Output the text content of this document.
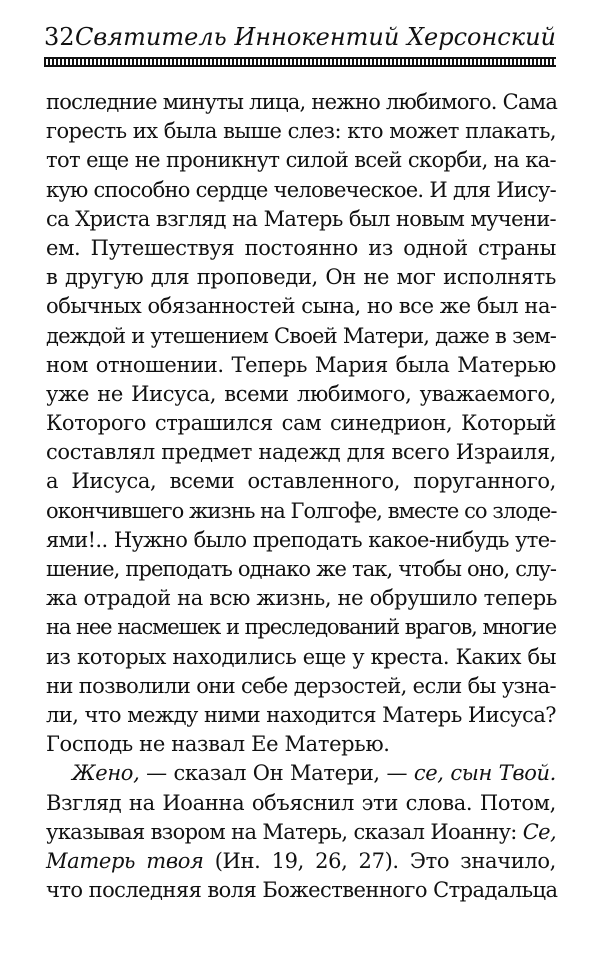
32 Святитель Иннокентий Херсонский
последние минуты лица, нежно любимого. Сама
горесть их была выше слез: кто может плакать,
тот еще не проникнут силой всей скорби, на ка-
кую способно сердце человеческое. И для Иису-
са Христа взгляд на Матерь был новым мучени-
ем. Путешествуя постоянно из одной страны
в другую для проповеди, Он не мог исполнять
обычных обязанностей сына, но все же был на-
деждой и утешением Своей Матери, даже в зем-
ном отношении. Теперь Мария была Матерью
уже не Иисуса, всеми любимого, уважаемого,
Которого страшился сам синедрион, Который
составлял предмет надежд для всего Израиля,
а Иисуса, всеми оставленного, поруганного,
окончившего жизнь на Голгофе, вместе со злоде-
ями!.. Нужно было преподать какое-нибудь уте-
шение, преподать однако же так, чтобы оно, слу-
жа отрадой на всю жизнь, не обрушило теперь
на нее насмешек и преследований врагов, многие
из которых находились еще у креста. Каких бы
ни позволили они себе дерзостей, если бы узна-
ли, что между ними находится Матерь Иисуса?
Господь не назвал Ее Матерью.
Жено, — сказал Он Матери, — се, сын Твой.
Взгляд на Иоанна объяснил эти слова. Потом,
указывая взором на Матерь, сказал Иоанну: Се,
Матерь твоя (Ин. 19, 26, 27). Это значило,
что последняя воля Божественного Страдальца
